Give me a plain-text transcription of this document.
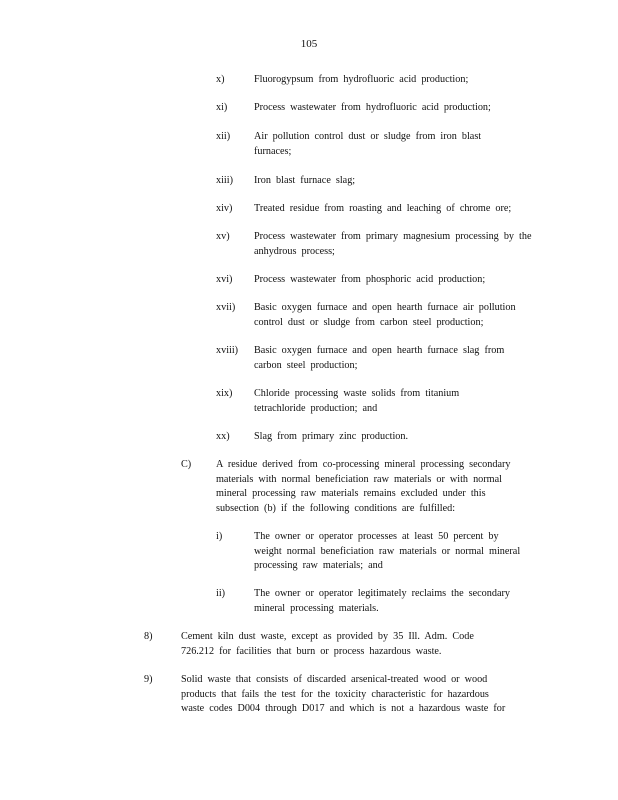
105
x)	Fluorogypsum from hydrofluoric acid production;
xi)	Process wastewater from hydrofluoric acid production;
xii) Air pollution control dust or sludge from iron blast furnaces;
xiii) Iron blast furnace slag;
xiv) Treated residue from roasting and leaching of chrome ore;
xv) Process wastewater from primary magnesium processing by the anhydrous process;
xvi) Process wastewater from phosphoric acid production;
xvii) Basic oxygen furnace and open hearth furnace air pollution control dust or sludge from carbon steel production;
xviii) Basic oxygen furnace and open hearth furnace slag from carbon steel production;
xix) Chloride processing waste solids from titanium tetrachloride production; and
xx) Slag from primary zinc production.
C) A residue derived from co-processing mineral processing secondary materials with normal beneficiation raw materials or with normal mineral processing raw materials remains excluded under this subsection (b) if the following conditions are fulfilled:
i)	The owner or operator processes at least 50 percent by weight normal beneficiation raw materials or normal mineral processing raw materials; and
ii)	The owner or operator legitimately reclaims the secondary mineral processing materials.
8)	Cement kiln dust waste, except as provided by 35 Ill. Adm. Code 726.212 for facilities that burn or process hazardous waste.
9)	Solid waste that consists of discarded arsenical-treated wood or wood products that fails the test for the toxicity characteristic for hazardous waste codes D004 through D017 and which is not a hazardous waste for
